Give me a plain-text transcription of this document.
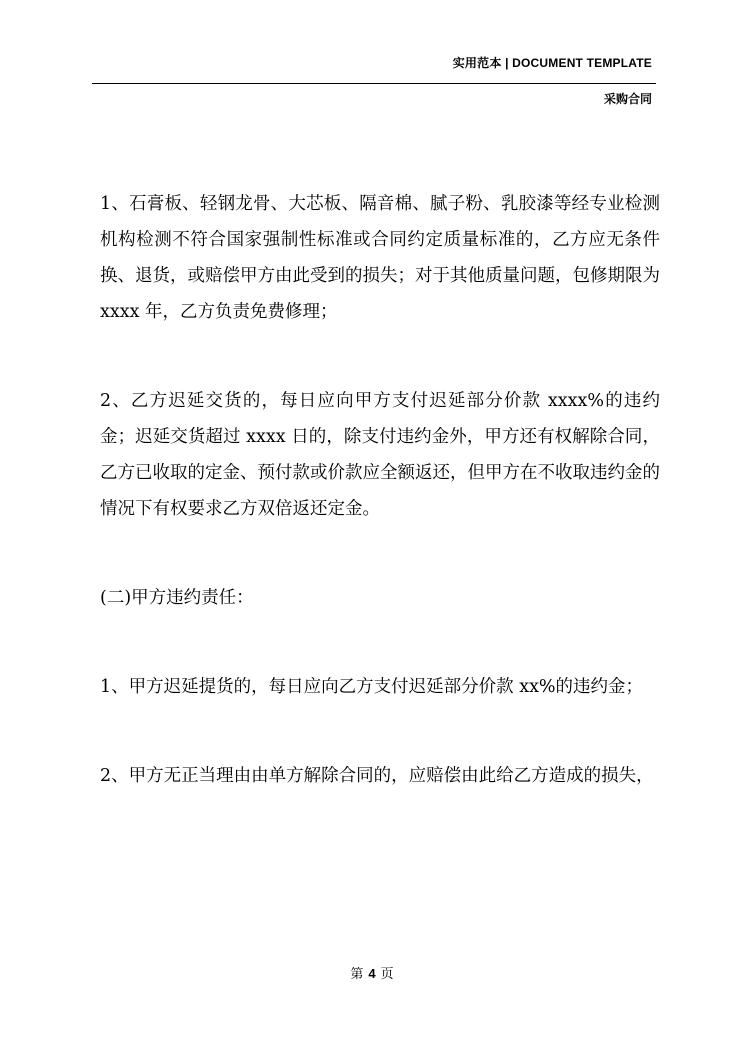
实用范本 | DOCUMENT TEMPLATE
采购合同

1、石膏板、轻钢龙骨、大芯板、隔音棉、腻子粉、乳胶漆等经专业检测机构检测不符合国家强制性标准或合同约定质量标准的，乙方应无条件换、退货，或赔偿甲方由此受到的损失；对于其他质量问题，包修期限为 xxxx 年，乙方负责免费修理；

2、乙方迟延交货的，每日应向甲方支付迟延部分价款 xxxx%的违约金；迟延交货超过 xxxx 日的，除支付违约金外，甲方还有权解除合同，乙方已收取的定金、预付款或价款应全额返还，但甲方在不收取违约金的情况下有权要求乙方双倍返还定金。

(二)甲方违约责任：

1、甲方迟延提货的，每日应向乙方支付迟延部分价款 xx%的违约金；

2、甲方无正当理由由单方解除合同的，应赔偿由此给乙方造成的损失，

第 4 页
